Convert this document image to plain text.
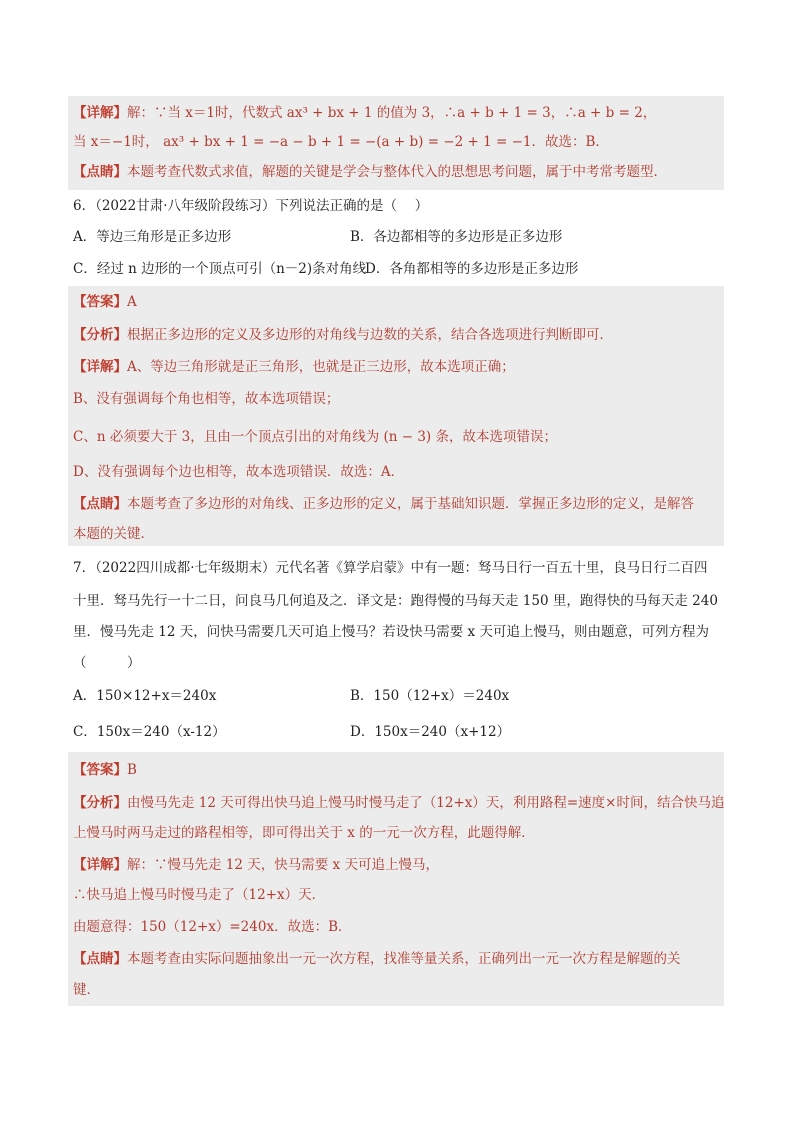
【详解】解：∵当 x＝1时，代数式 ax³ + bx + 1 的值为 3，∴a + b + 1 = 3，∴a + b = 2，
当 x＝−1时， ax³ + bx + 1 = −a − b + 1 = −(a + b) = −2 + 1 = −1．故选：B．
【点睛】本题考查代数式求值，解题的关键是学会与整体代入的思想思考问题，属于中考常考题型．
6．（2022甘肃·八年级阶段练习）下列说法正确的是（　 ）
A．等边三角形是正多边形	B．各边都相等的多边形是正多边形
C．经过 n 边形的一个顶点可引（n－2)条对角线
D．各角都相等的多边形是正多边形
【答案】A
【分析】根据正多边形的定义及多边形的对角线与边数的关系，结合各选项进行判断即可．
【详解】A、等边三角形就是正三角形，也就是正三边形，故本选项正确；
B、没有强调每个角也相等，故本选项错误；
C、n 必须要大于 3，且由一个顶点引出的对角线为 (n − 3) 条，故本选项错误；
D、没有强调每个边也相等，故本选项错误．故选：A．
【点睛】本题考查了多边形的对角线、正多边形的定义，属于基础知识题．掌握正多边形的定义，是解答
本题的关键．
7．（2022四川成都·七年级期末）元代名著《算学启蒙》中有一题：驽马日行一百五十里，良马日行二百四
十里．驽马先行一十二日，问良马几何追及之．译文是：跑得慢的马每天走 150 里，跑得快的马每天走 240
里．慢马先走 12 天，问快马需要几天可追上慢马？若设快马需要 x 天可追上慢马，则由题意，可列方程为
（　　　）
A．150×12+x＝240x	B．150（12+x）＝240x
C．150x＝240（x-12）	D．150x＝240（x+12）
【答案】B
【分析】由慢马先走 12 天可得出快马追上慢马时慢马走了（12+x）天，利用路程=速度×时间，结合快马追
上慢马时两马走过的路程相等，即可得出关于 x 的一元一次方程，此题得解．
【详解】解：∵慢马先走 12 天，快马需要 x 天可追上慢马，
∴快马追上慢马时慢马走了（12+x）天．
由题意得：150（12+x）=240x．故选：B．
【点睛】本题考查由实际问题抽象出一元一次方程，找准等量关系，正确列出一元一次方程是解题的关
键．
